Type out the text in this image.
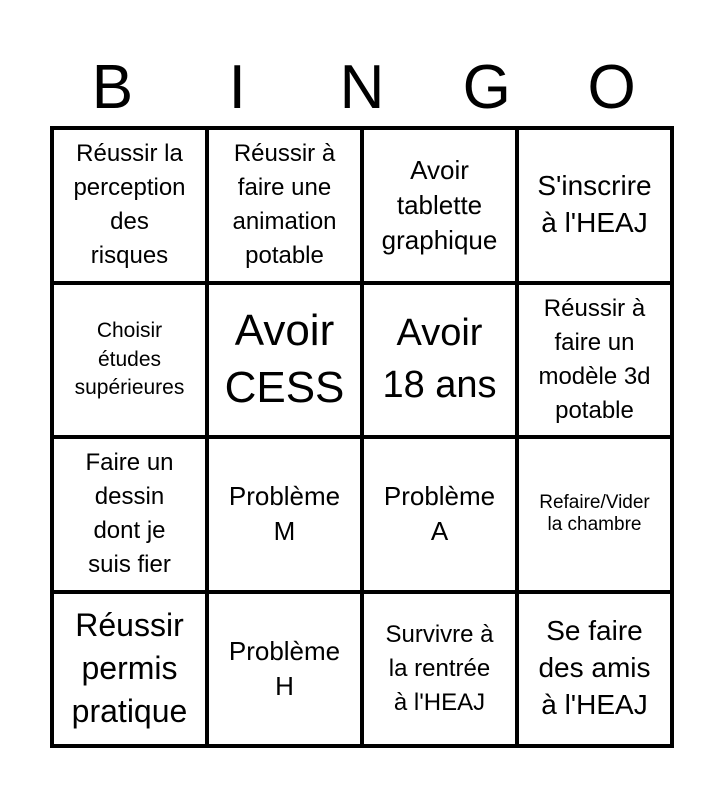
B	I	N	G	O
Réussir la
perception
des
risques
Réussir à
faire une
animation
potable
Avoir
tablette
graphique
S'inscrire
à l'HEAJ
Choisir
études
supérieures
Avoir
CESS
Avoir
18 ans
Réussir à
faire un
modèle 3d
potable
Faire un
dessin
dont je
suis fier
Problème
M
Problème
A
Refaire/Vider
la chambre
Réussir
permis
pratique
Problème
H
Survivre à
la rentrée
à l'HEAJ
Se faire
des amis
à l'HEAJ
